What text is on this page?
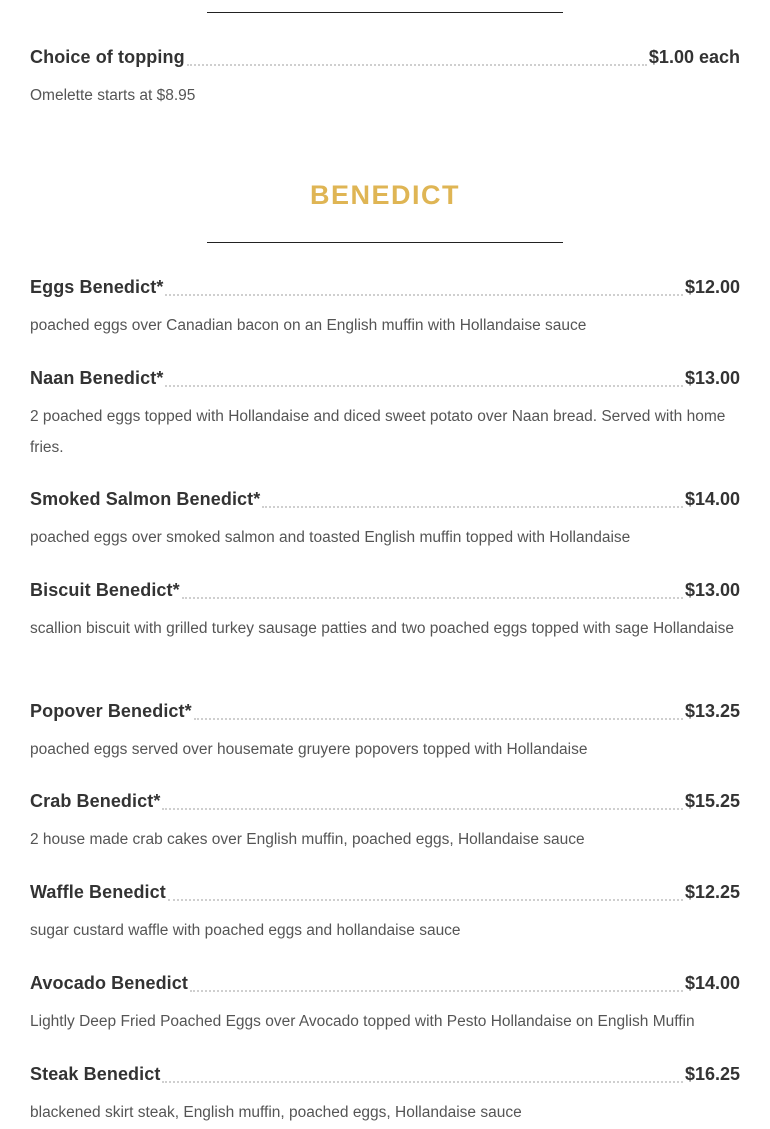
Choice of topping	$1.00 each
Omelette starts at $8.95
BENEDICT
Eggs Benedict*	$12.00
poached eggs over Canadian bacon on an English muffin with Hollandaise sauce
Naan Benedict*	$13.00
2 poached eggs topped with Hollandaise and diced sweet potato over Naan bread. Served with home fries.
Smoked Salmon Benedict*	$14.00
poached eggs over smoked salmon and toasted English muffin topped with Hollandaise
Biscuit Benedict*	$13.00
scallion biscuit with grilled turkey sausage patties and two poached eggs topped with sage Hollandaise
Popover Benedict*	$13.25
poached eggs served over housemate gruyere popovers topped with Hollandaise
Crab Benedict*	$15.25
2 house made crab cakes over English muffin, poached eggs, Hollandaise sauce
Waffle Benedict	$12.25
sugar custard waffle with poached eggs and hollandaise sauce
Avocado Benedict	$14.00
Lightly Deep Fried Poached Eggs over Avocado topped with Pesto Hollandaise on English Muffin
Steak Benedict	$16.25
blackened skirt steak, English muffin, poached eggs, Hollandaise sauce
